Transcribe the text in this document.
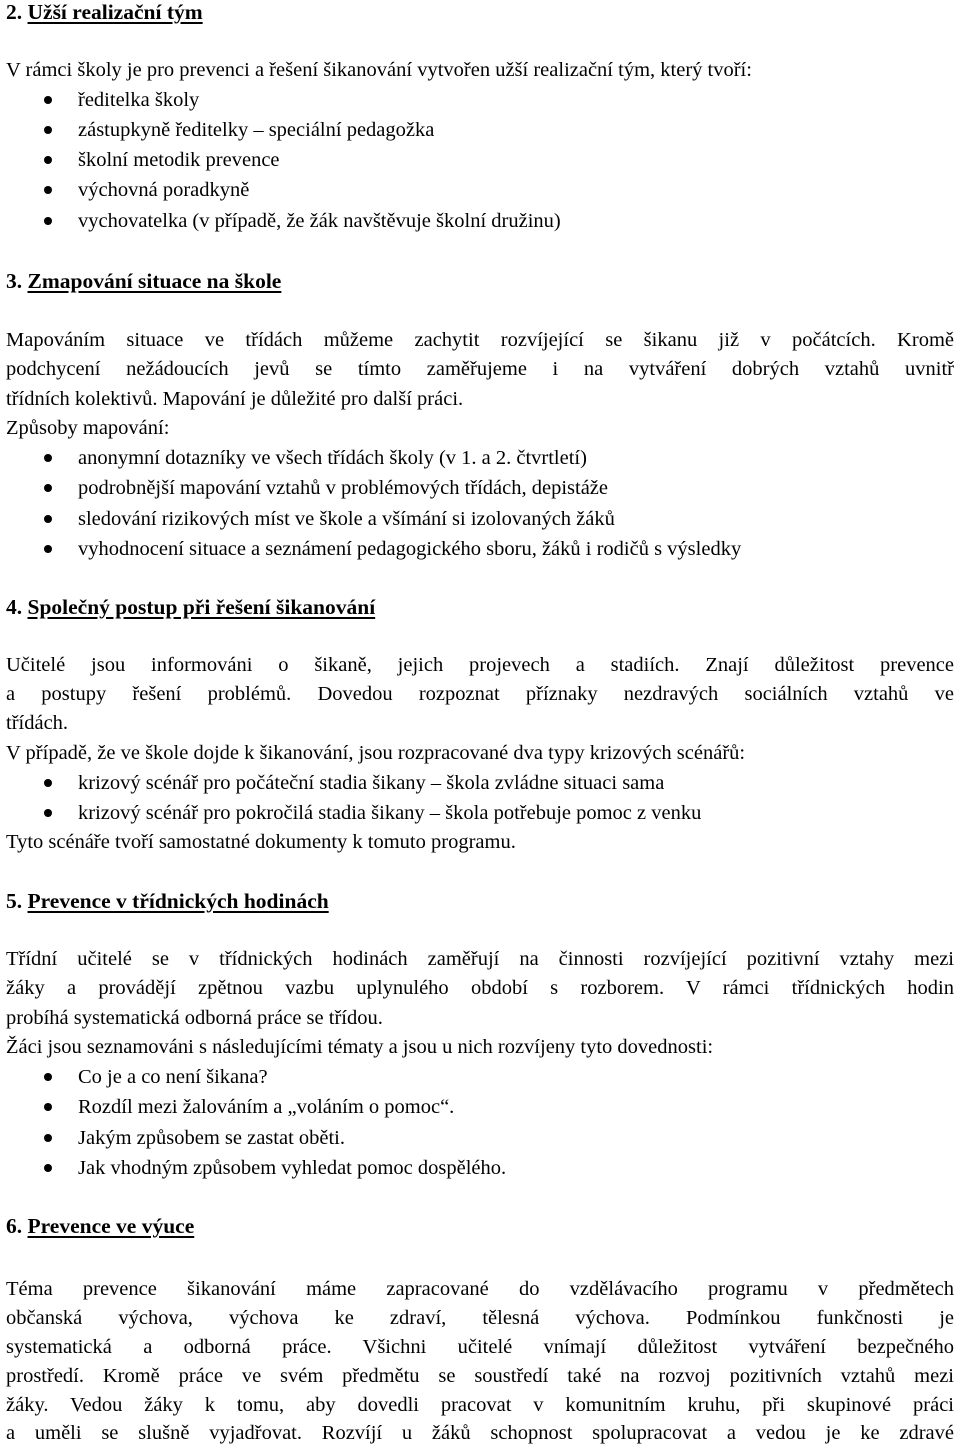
2. Užší realizační tým
V rámci školy je pro prevenci a řešení šikanování vytvořen užší realizační tým, který tvoří:
ředitelka školy
zástupkyně ředitelky – speciální pedagožka
školní metodik prevence
výchovná poradkyně
vychovatelka (v případě, že žák navštěvuje školní družinu)
3. Zmapování situace na škole
Mapováním situace ve třídách můžeme zachytit rozvíjející se šikanu již v počátcích. Kromě
podchycení nežádoucích jevů se tímto zaměřujeme i na vytváření dobrých vztahů uvnitř
třídních kolektivů. Mapování je důležité pro další práci.
Způsoby mapování:
anonymní dotazníky ve všech třídách školy (v 1. a 2. čtvrtletí)
podrobnější mapování vztahů v problémových třídách, depistáže
sledování rizikových míst ve škole a všímání si izolovaných žáků
vyhodnocení situace a seznámení pedagogického sboru, žáků i rodičů s výsledky
4. Společný postup při řešení šikanování
Učitelé jsou informováni o šikaně, jejich projevech a stadiích. Znají důležitost prevence
a postupy řešení problémů. Dovedou rozpoznat příznaky nezdravých sociálních vztahů ve
třídách.
V případě, že ve škole dojde k šikanování, jsou rozpracované dva typy krizových scénářů:
krizový scénář pro počáteční stadia šikany – škola zvládne situaci sama
krizový scénář pro pokročilá stadia šikany – škola potřebuje pomoc z venku
Tyto scénáře tvoří samostatné dokumenty k tomuto programu.
5. Prevence v třídnických hodinách
Třídní učitelé se v třídnických hodinách zaměřují na činnosti rozvíjející pozitivní vztahy mezi
žáky a provádějí zpětnou vazbu uplynulého období s rozborem. V rámci třídnických hodin
probíhá systematická odborná práce se třídou.
Žáci jsou seznamováni s následujícími tématy a jsou u nich rozvíjeny tyto dovednosti:
Co je a co není šikana?
Rozdíl mezi žalováním a „voláním o pomoc“.
Jakým způsobem se zastat oběti.
Jak vhodným způsobem vyhledat pomoc dospělého.
6. Prevence ve výuce
Téma prevence šikanování máme zapracované do vzdělávacího programu v předmětech
občanská výchova, výchova ke zdraví, tělesná výchova. Podmínkou funkčnosti je
systematická a odborná práce. Všichni učitelé vnímají důležitost vytváření bezpečného
prostředí. Kromě práce ve svém předmětu se soustředí také na rozvoj pozitivních vztahů mezi
žáky. Vedou žáky k tomu, aby dovedli pracovat v komunitním kruhu, při skupinové práci
a uměli se slušně vyjadřovat. Rozvíjí u žáků schopnost spolupracovat a vedou je ke zdravé
